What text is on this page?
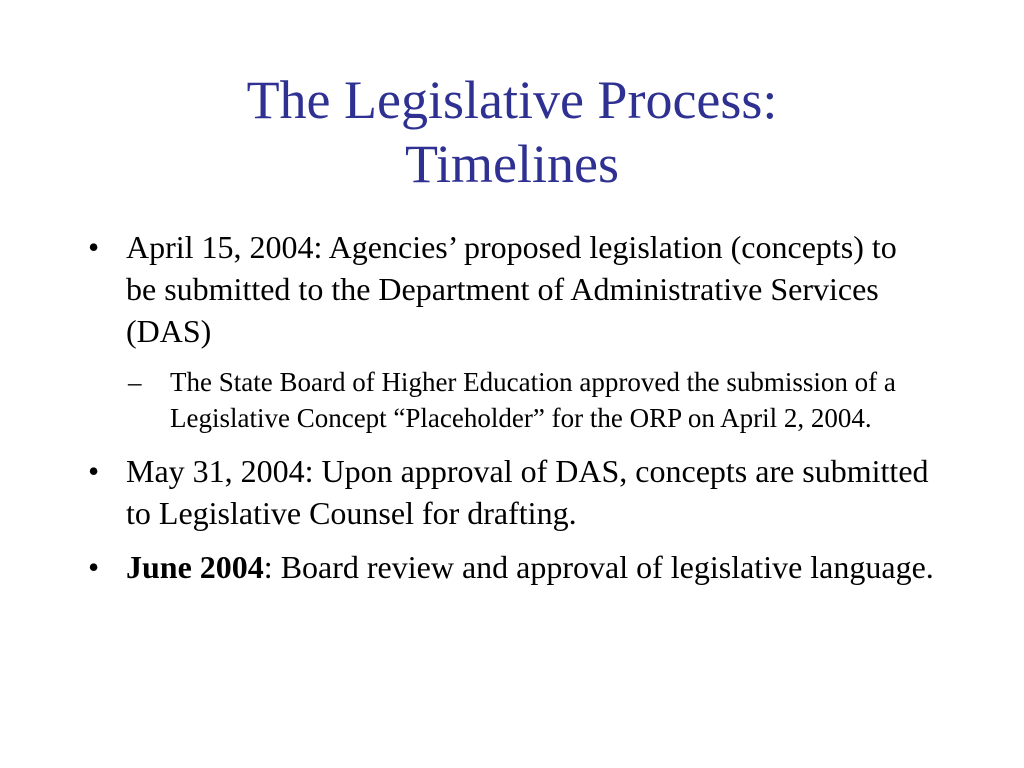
The Legislative Process:
Timelines
• April 15, 2004: Agencies’ proposed legislation (concepts) to be submitted to the Department of Administrative Services (DAS)
– The State Board of Higher Education approved the submission of a Legislative Concept “Placeholder” for the ORP on April 2, 2004.
• May 31, 2004: Upon approval of DAS, concepts are submitted to Legislative Counsel for drafting.
• June 2004: Board review and approval of legislative language.
